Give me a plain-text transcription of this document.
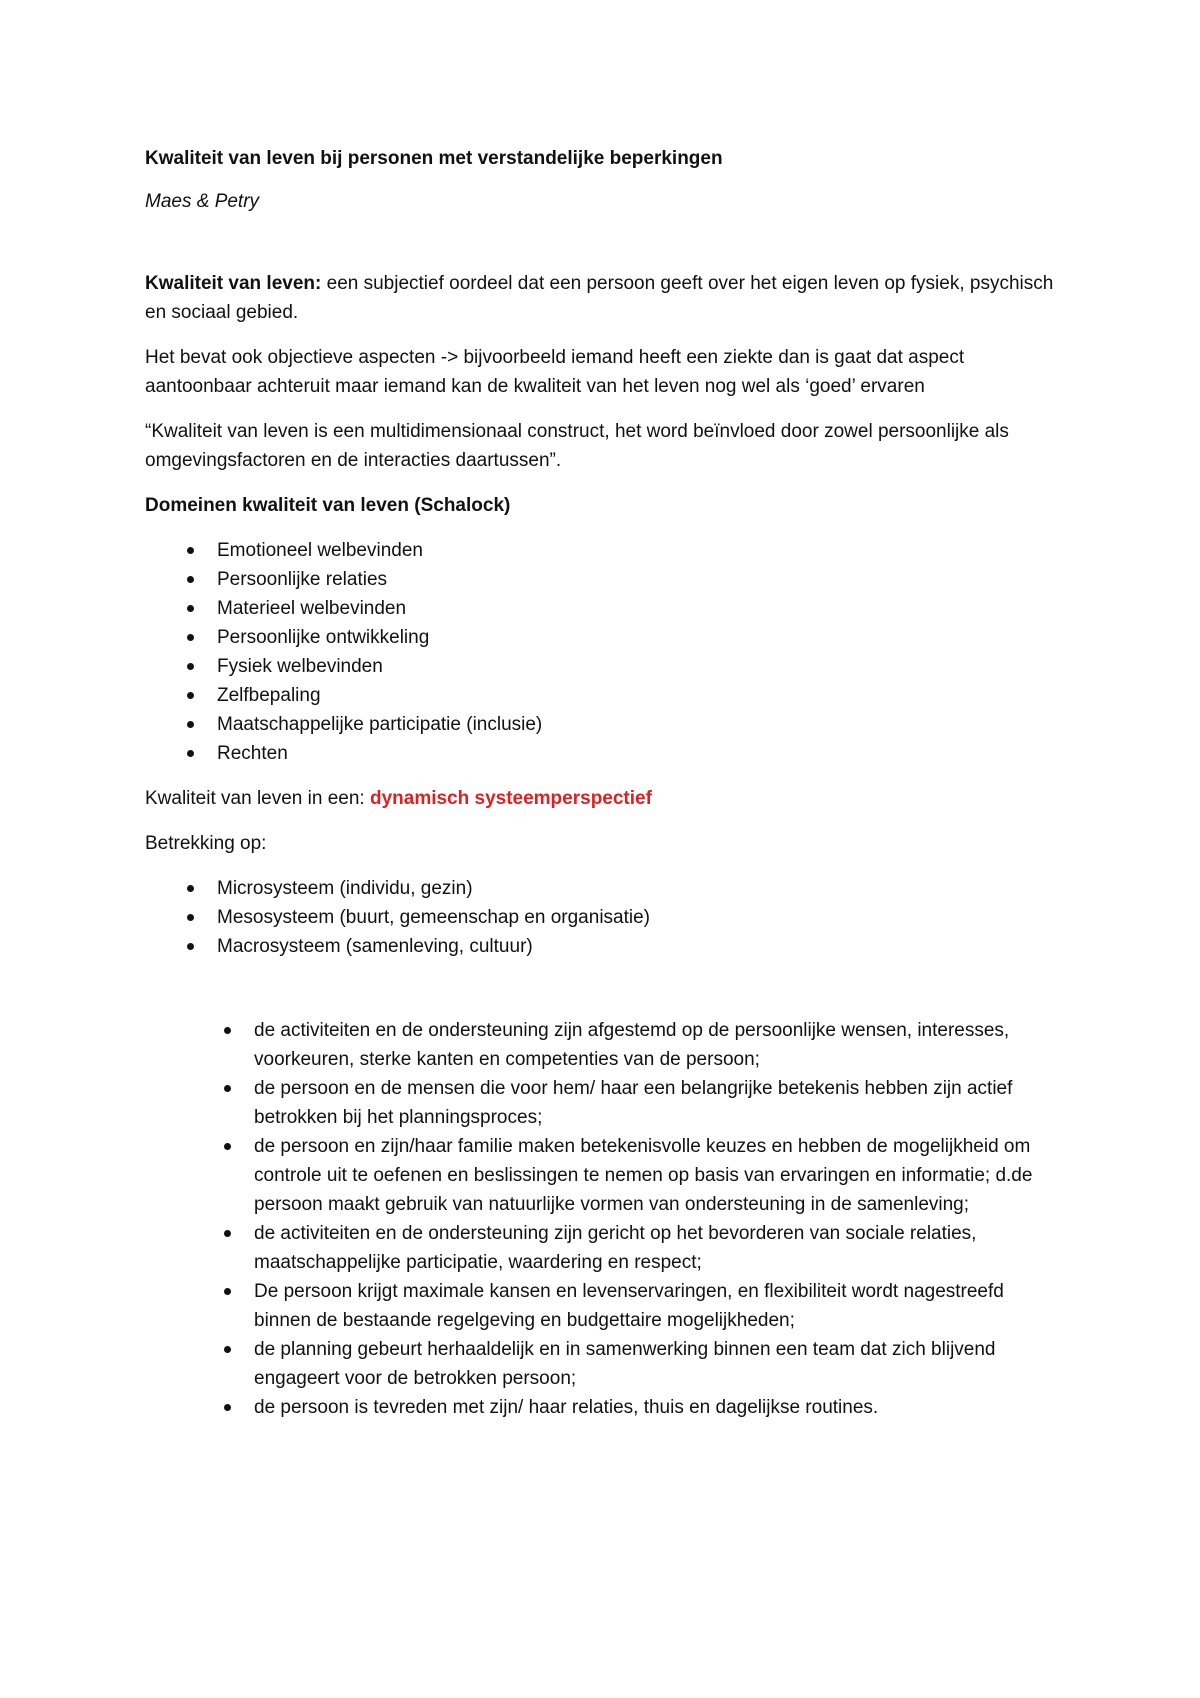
Kwaliteit van leven bij personen met verstandelijke beperkingen
Maes & Petry

Kwaliteit van leven: een subjectief oordeel dat een persoon geeft over het eigen leven op fysiek, psychisch en sociaal gebied.

Het bevat ook objectieve aspecten -> bijvoorbeeld iemand heeft een ziekte dan is gaat dat aspect aantoonbaar achteruit maar iemand kan de kwaliteit van het leven nog wel als ‘goed’ ervaren

“Kwaliteit van leven is een multidimensionaal construct, het word beïnvloed door zowel persoonlijke als omgevingsfactoren en de interacties daartussen”.

Domeinen kwaliteit van leven (Schalock)
Emotioneel welbevinden
Persoonlijke relaties
Materieel welbevinden
Persoonlijke ontwikkeling
Fysiek welbevinden
Zelfbepaling
Maatschappelijke participatie (inclusie)
Rechten

Kwaliteit van leven in een: dynamisch systeemperspectief

Betrekking op:

Microsysteem (individu, gezin)
Mesosysteem (buurt, gemeenschap en organisatie)
Macrosysteem (samenleving, cultuur)
de activiteiten en de ondersteuning zijn afgestemd op de persoonlijke wensen, interesses, voorkeuren, sterke kanten en competenties van de persoon;
de persoon en de mensen die voor hem/ haar een belangrijke betekenis hebben zijn actief betrokken bij het planningsproces;
de persoon en zijn/haar familie maken betekenisvolle keuzes en hebben de mogelijkheid om controle uit te oefenen en beslissingen te nemen op basis van ervaringen en informatie; d.de persoon maakt gebruik van natuurlijke vormen van ondersteuning in de samenleving;
de activiteiten en de ondersteuning zijn gericht op het bevorderen van sociale relaties, maatschappelijke participatie, waardering en respect;
De persoon krijgt maximale kansen en levenservaringen, en flexibiliteit wordt nagestreefd binnen de bestaande regelgeving en budgettaire mogelijkheden;
de planning gebeurt herhaaldelijk en in samenwerking binnen een team dat zich blijvend engageert voor de betrokken persoon;
de persoon is tevreden met zijn/ haar relaties, thuis en dagelijkse routines.
